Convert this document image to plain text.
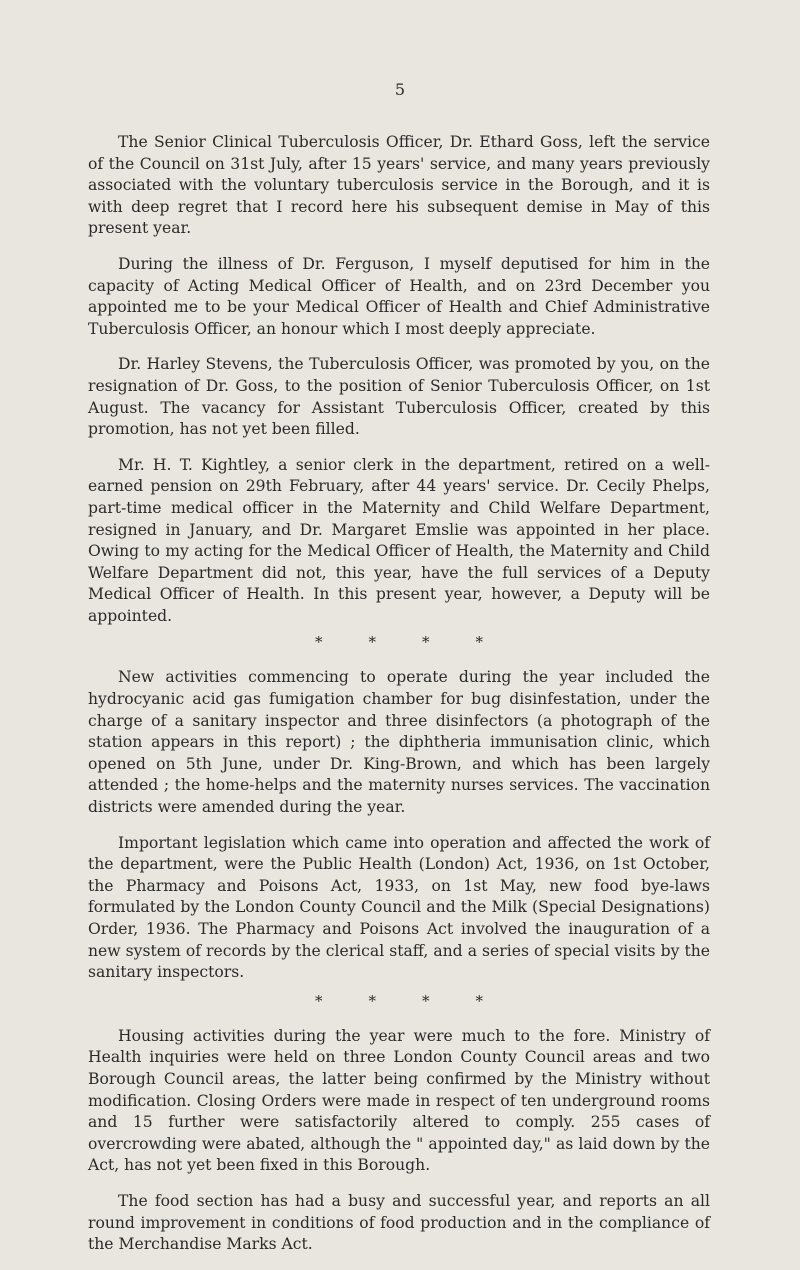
5

The Senior Clinical Tuberculosis Officer, Dr. Ethard Goss, left the service of the Council on 31st July, after 15 years' service, and many years previously associated with the voluntary tuberculosis service in the Borough, and it is with deep regret that I record here his subsequent demise in May of this present year.

During the illness of Dr. Ferguson, I myself deputised for him in the capacity of Acting Medical Officer of Health, and on 23rd December you appointed me to be your Medical Officer of Health and Chief Administrative Tuberculosis Officer, an honour which I most deeply appreciate.

Dr. Harley Stevens, the Tuberculosis Officer, was promoted by you, on the resignation of Dr. Goss, to the position of Senior Tuberculosis Officer, on 1st August. The vacancy for Assistant Tuberculosis Officer, created by this promotion, has not yet been filled.

Mr. H. T. Kightley, a senior clerk in the department, retired on a well-earned pension on 29th February, after 44 years' service. Dr. Cecily Phelps, part-time medical officer in the Maternity and Child Welfare Department, resigned in January, and Dr. Margaret Emslie was appointed in her place. Owing to my acting for the Medical Officer of Health, the Maternity and Child Welfare Department did not, this year, have the full services of a Deputy Medical Officer of Health. In this present year, however, a Deputy will be appointed.

*	*	*	*

New activities commencing to operate during the year included the hydrocyanic acid gas fumigation chamber for bug disinfestation, under the charge of a sanitary inspector and three disinfectors (a photograph of the station appears in this report) ; the diphtheria immunisation clinic, which opened on 5th June, under Dr. King-Brown, and which has been largely attended ; the home-helps and the maternity nurses services. The vaccination districts were amended during the year.

Important legislation which came into operation and affected the work of the department, were the Public Health (London) Act, 1936, on 1st October, the Pharmacy and Poisons Act, 1933, on 1st May, new food bye-laws formulated by the London County Council and the Milk (Special Designations) Order, 1936. The Pharmacy and Poisons Act involved the inauguration of a new system of records by the clerical staff, and a series of special visits by the sanitary inspectors.

*	*	*	*

Housing activities during the year were much to the fore. Ministry of Health inquiries were held on three London County Council areas and two Borough Council areas, the latter being confirmed by the Ministry without modification. Closing Orders were made in respect of ten underground rooms and 15 further were satisfactorily altered to comply. 255 cases of overcrowding were abated, although the " appointed day," as laid down by the Act, has not yet been fixed in this Borough.

The food section has had a busy and successful year, and reports an all round improvement in conditions of food production and in the compliance of the Merchandise Marks Act.
